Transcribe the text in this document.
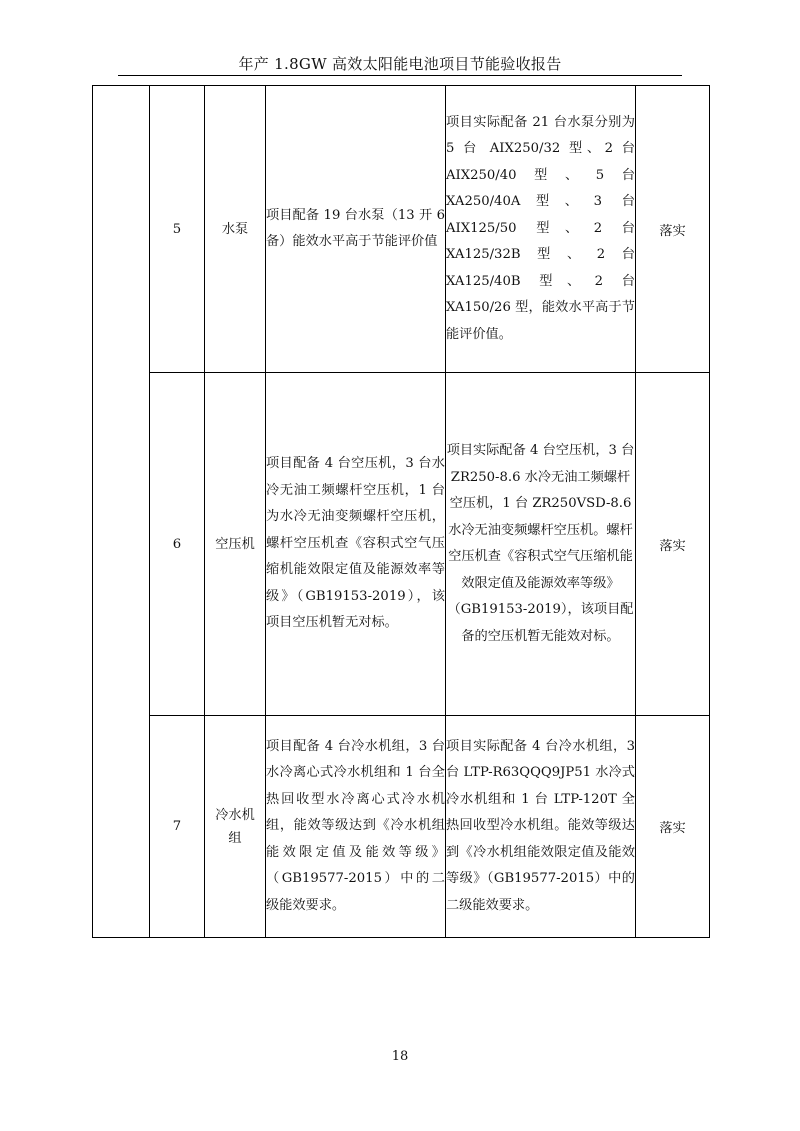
年产 1.8GW 高效太阳能电池项目节能验收报告
	5	水泵	项目配备 19 台水泵（13 开 6 备）能效水平高于节能评价值	项目实际配备 21 台水泵分别为 5 台 AIX250/32 型、2 台 AIX250/40型、5台 XA250/40A型、3 台 AIX125/50 型、2 台 XA125/32B型、2台 XA125/40B 型、2 台 XA150/26 型，能效水平高于节能评价值。	落实
	6	空压机	项目配备 4 台空压机，3 台水冷无油工频螺杆空压机，1 台为水冷无油变频螺杆空压机，螺杆空压机查《容积式空气压缩机能效限定值及能源效率等级》（GB19153-2019），该项目空压机暂无对标。	项目实际配备 4 台空压机，3 台 ZR250-8.6 水冷无油工频螺杆空压机，1 台 ZR250VSD-8.6 水冷无油变频螺杆空压机。螺杆空压机查《容积式空气压缩机能效限定值及能源效率等级》（GB19153-2019），该项目配备的空压机暂无能效对标。	落实
	7	冷水机组	项目配备 4 台冷水机组，3 台水冷离心式冷水机组和 1 台全热回收型水冷离心式冷水机组，能效等级达到《冷水机组能效限定值及能效等级》（GB19577-2015）中的二级能效要求。	项目实际配备 4 台冷水机组，3 台 LTP-R63QQQ9JP51 水冷式冷水机组和 1 台 LTP-120T 全热回收型冷水机组。能效等级达到《冷水机组能效限定值及能效等级》（GB19577-2015）中的二级能效要求。	落实
18
